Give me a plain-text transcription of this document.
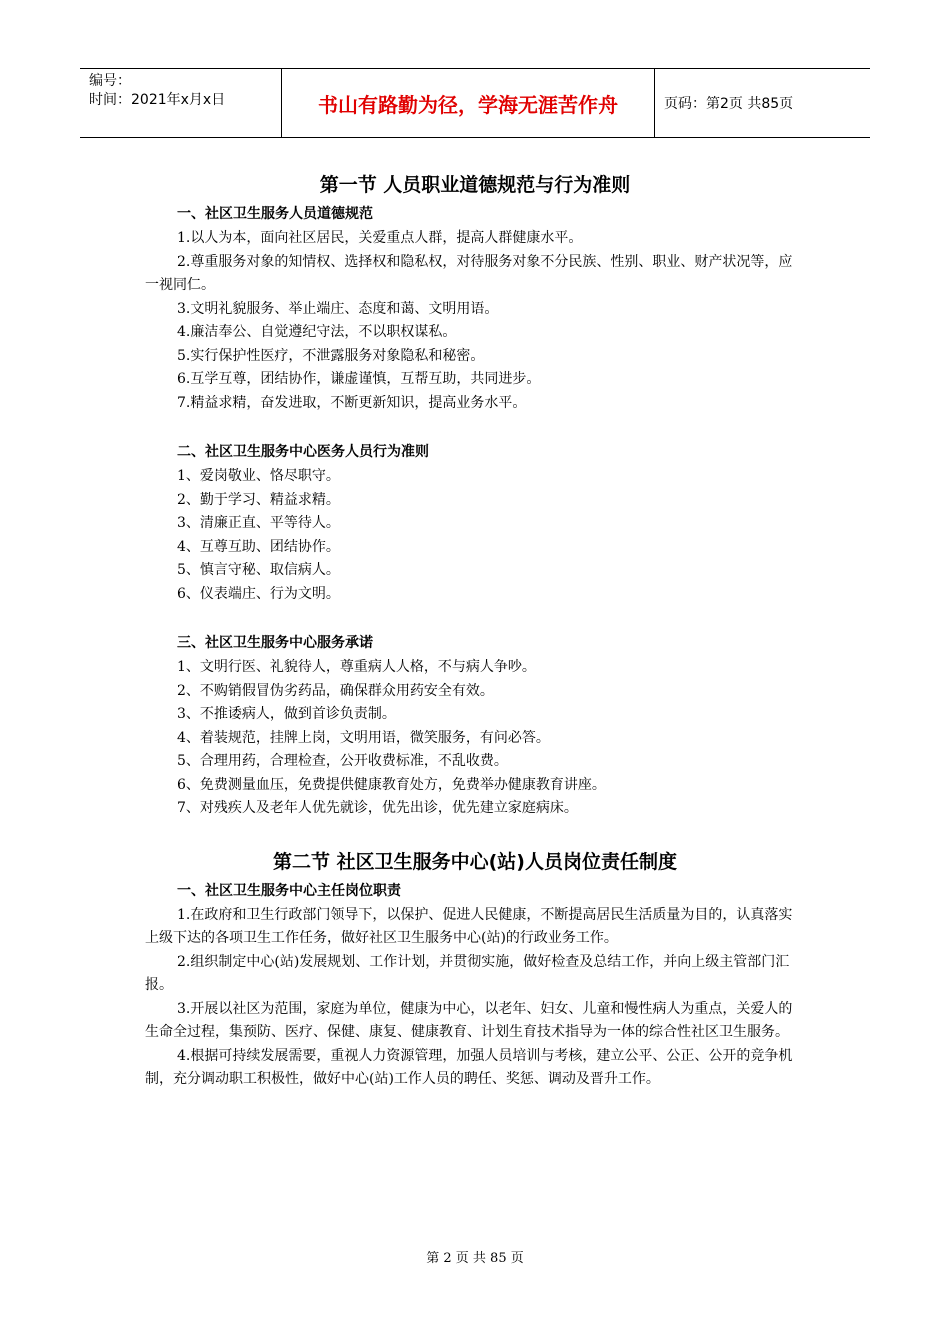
编号：
时间：2021年x月x日	书山有路勤为径，学海无涯苦作舟	页码：第2页 共85页
第一节 人员职业道德规范与行为准则
一、社区卫生服务人员道德规范

1.以人为本，面向社区居民，关爱重点人群，提高人群健康水平。

2.尊重服务对象的知情权、选择权和隐私权，对待服务对象不分民族、性别、职业、财产状况等，应一视同仁。

3.文明礼貌服务、举止端庄、态度和蔼、文明用语。

4.廉洁奉公、自觉遵纪守法，不以职权谋私。

5.实行保护性医疗，不泄露服务对象隐私和秘密。

6.互学互尊，团结协作，谦虚谨慎，互帮互助，共同进步。

7.精益求精，奋发进取，不断更新知识，提高业务水平。

二、社区卫生服务中心医务人员行为准则

1、爱岗敬业、恪尽职守。

2、勤于学习、精益求精。

3、清廉正直、平等待人。

4、互尊互助、团结协作。

5、慎言守秘、取信病人。

6、仪表端庄、行为文明。

三、社区卫生服务中心服务承诺

1、文明行医、礼貌待人，尊重病人人格，不与病人争吵。

2、不购销假冒伪劣药品，确保群众用药安全有效。

3、不推诿病人，做到首诊负责制。

4、着装规范，挂牌上岗，文明用语，微笑服务，有问必答。

5、合理用药，合理检查，公开收费标准，不乱收费。

6、免费测量血压，免费提供健康教育处方，免费举办健康教育讲座。

7、对残疾人及老年人优先就诊，优先出诊，优先建立家庭病床。

第二节 社区卫生服务中心(站)人员岗位责任制度
一、社区卫生服务中心主任岗位职责

1.在政府和卫生行政部门领导下，以保护、促进人民健康，不断提高居民生活质量为目的，认真落实上级下达的各项卫生工作任务，做好社区卫生服务中心(站)的行政业务工作。

2.组织制定中心(站)发展规划、工作计划，并贯彻实施，做好检查及总结工作，并向上级主管部门汇报。

3.开展以社区为范围，家庭为单位，健康为中心，以老年、妇女、儿童和慢性病人为重点，关爱人的生命全过程，集预防、医疗、保健、康复、健康教育、计划生育技术指导为一体的综合性社区卫生服务。

4.根据可持续发展需要，重视人力资源管理，加强人员培训与考核，建立公平、公正、公开的竞争机制，充分调动职工积极性，做好中心(站)工作人员的聘任、奖惩、调动及晋升工作。

第 2 页 共 85 页
